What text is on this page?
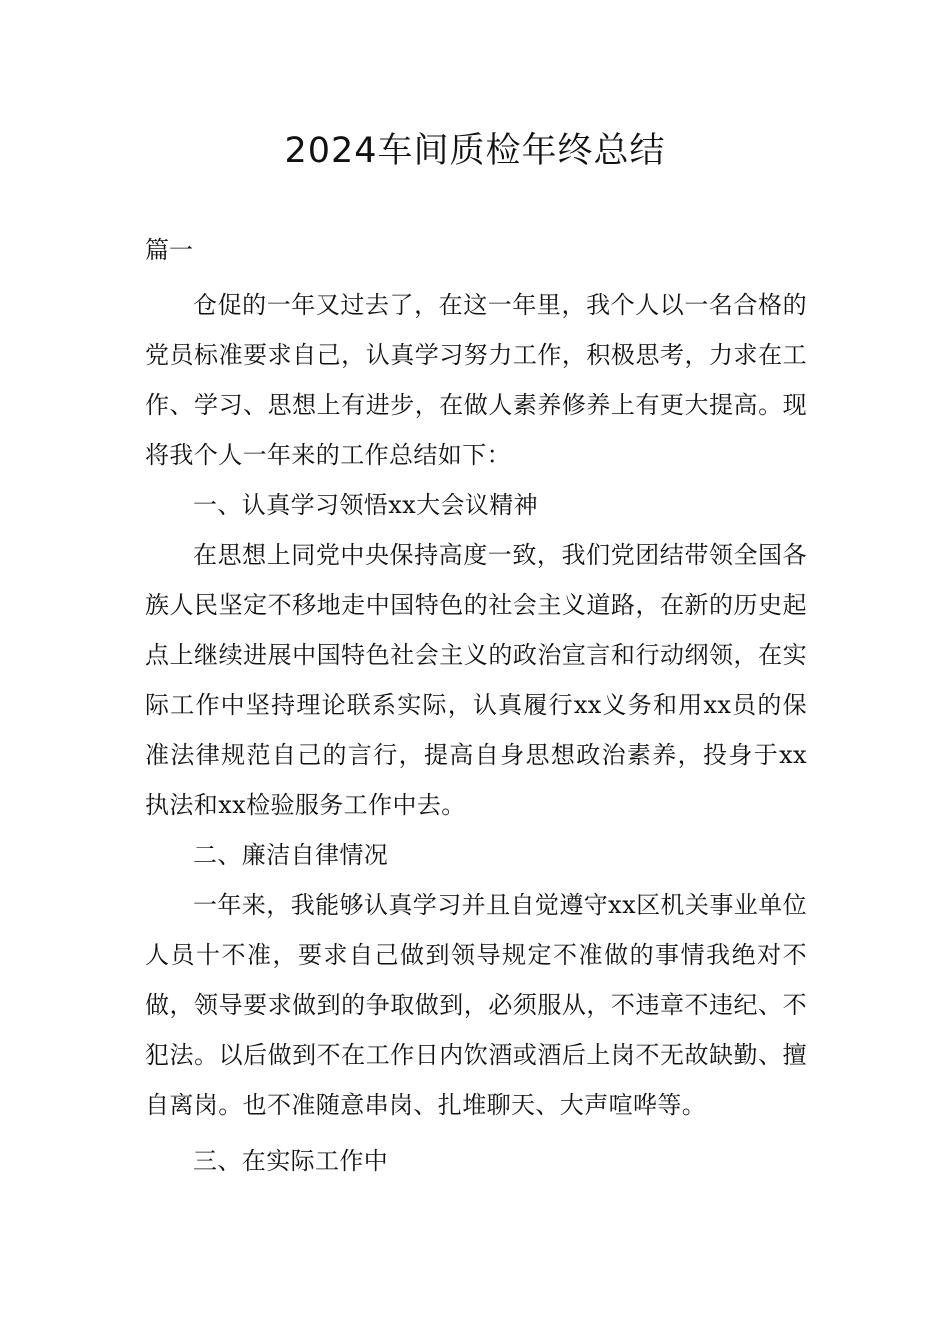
2024车间质检年终总结
篇一

仓促的一年又过去了，在这一年里，我个人以一名合格的党员标准要求自己，认真学习努力工作，积极思考，力求在工作、学习、思想上有进步，在做人素养修养上有更大提高。现将我个人一年来的工作总结如下：

一、认真学习领悟xx大会议精神

在思想上同党中央保持高度一致，我们党团结带领全国各族人民坚定不移地走中国特色的社会主义道路，在新的历史起点上继续进展中国特色社会主义的政治宣言和行动纲领，在实际工作中坚持理论联系实际，认真履行xx义务和用xx员的保准法律规范自己的言行，提高自身思想政治素养，投身于xx执法和xx检验服务工作中去。

二、廉洁自律情况

一年来，我能够认真学习并且自觉遵守xx区机关事业单位人员十不准，要求自己做到领导规定不准做的事情我绝对不做，领导要求做到的争取做到，必须服从，不违章不违纪、不犯法。以后做到不在工作日内饮酒或酒后上岗不无故缺勤、擅自离岗。也不准随意串岗、扎堆聊天、大声喧哗等。

三、在实际工作中
